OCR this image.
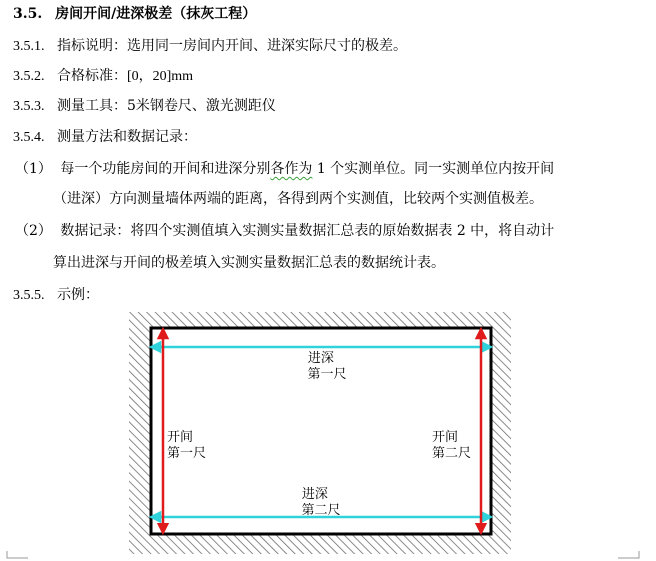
3.5. 房间开间/进深极差（抹灰工程）
3.5.1. 指标说明：选用同一房间内开间、进深实际尺寸的极差。
3.5.2. 合格标准：[0，20]mm
3.5.3. 测量工具：5米钢卷尺、激光测距仪
3.5.4. 测量方法和数据记录：
（1） 每一个功能房间的开间和进深分别各作为 1 个实测单位。同一实测单位内按开间
（进深）方向测量墙体两端的距离，各得到两个实测值，比较两个实测值极差。
（2） 数据记录：将四个实测值填入实测实量数据汇总表的原始数据表 2 中，将自动计
算出进深与开间的极差填入实测实量数据汇总表的数据统计表。
3.5.5. 示例：
进深 第一尺
进深 第二尺
开间 第一尺
开间 第二尺
